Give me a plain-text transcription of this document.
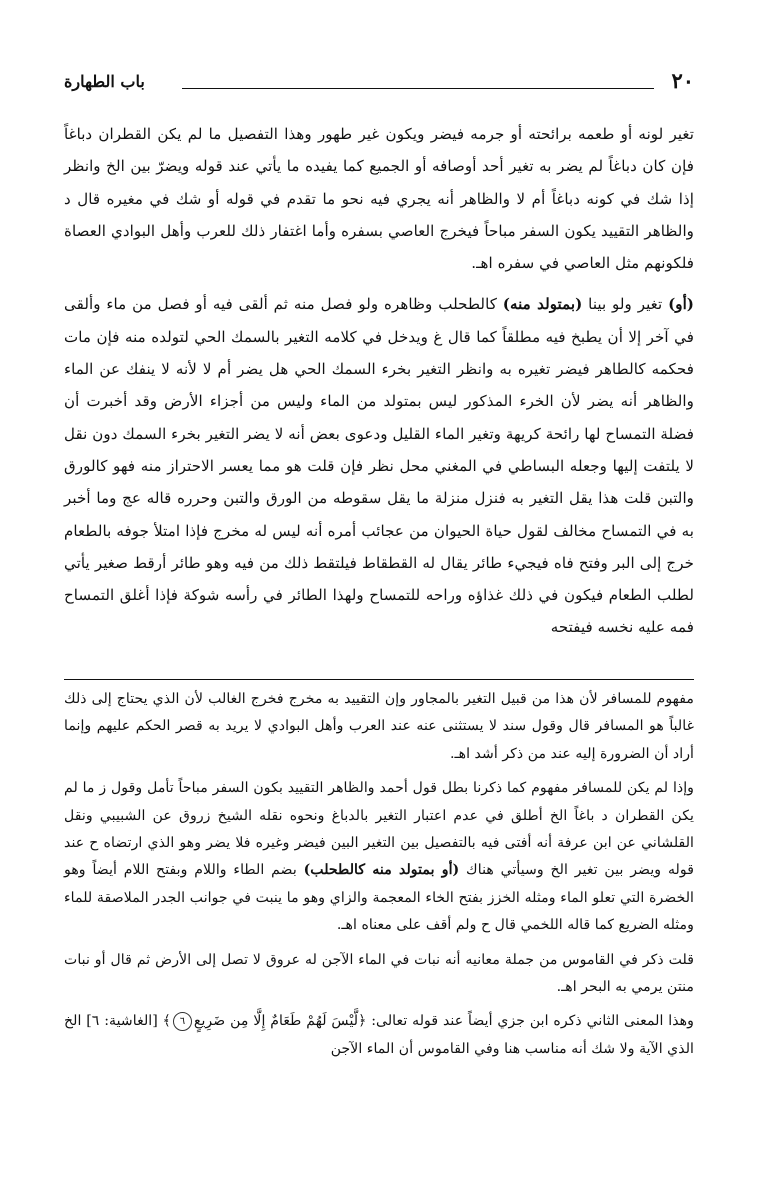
٢٠
باب الطهارة

تغير لونه أو طعمه برائحته أو جرمه فيضر ويكون غير طهور وهذا التفصيل ما لم يكن القطران دباغاً فإن كان دباغاً لم يضر به تغير أحد أوصافه أو الجميع كما يفيده ما يأتي عند قوله ويضرّ بين الخ وانظر إذا شك في كونه دباغاً أم لا والظاهر أنه يجري فيه نحو ما تقدم في قوله أو شك في مغيره قال د والظاهر التقييد يكون السفر مباحاً فيخرج العاصي بسفره وأما اغتفار ذلك للعرب وأهل البوادي العصاة فلكونهم مثل العاصي في سفره اهـ.

(أو) تغير ولو بينا (بمتولد منه) كالطحلب وظاهره ولو فصل منه ثم ألقى فيه أو فصل من ماء وألقى في آخر إلا أن يطبخ فيه مطلقاً كما قال غ ويدخل في كلامه التغير بالسمك الحي لتولده منه فإن مات فحكمه كالطاهر فيضر تغيره به وانظر التغير بخرء السمك الحي هل يضر أم لا لأنه لا ينفك عن الماء والظاهر أنه يضر لأن الخرء المذكور ليس بمتولد من الماء وليس من أجزاء الأرض وقد أخبرت أن فضلة التمساح لها رائحة كريهة وتغير الماء القليل ودعوى بعض أنه لا يضر التغير بخرء السمك دون نقل لا يلتفت إليها وجعله البساطي في المغني محل نظر فإن قلت هو مما يعسر الاحتراز منه فهو كالورق والتبن قلت هذا يقل التغير به فنزل منزلة ما يقل سقوطه من الورق والتبن وحرره قاله عج وما أخبر به في التمساح مخالف لقول حياة الحيوان من عجائب أمره أنه ليس له مخرج فإذا امتلأ جوفه بالطعام خرج إلى البر وفتح فاه فيجيء طائر يقال له القطقاط فيلتقط ذلك من فيه وهو طائر أرقط صغير يأتي لطلب الطعام فيكون في ذلك غذاؤه وراحه للتمساح ولهذا الطائر في رأسه شوكة فإذا أغلق التمساح فمه عليه نخسه فيفتحه

مفهوم للمسافر لأن هذا من قبيل التغير بالمجاور وإن التقييد به مخرج فخرج الغالب لأن الذي يحتاج إلى ذلك غالباً هو المسافر قال وقول سند لا يستثنى عنه عند العرب وأهل البوادي لا يريد به قصر الحكم عليهم وإنما أراد أن الضرورة إليه عند من ذكر أشد اهـ.

وإذا لم يكن للمسافر مفهوم كما ذكرنا بطل قول أحمد والظاهر التقييد بكون السفر مباحاً تأمل وقول ز ما لم يكن القطران د باغاً الخ أطلق في عدم اعتبار التغير بالدباغ ونحوه نقله الشيخ زروق عن الشبيبي ونقل القلشاني عن ابن عرفة أنه أفتى فيه بالتفصيل بين التغير البين فيضر وغيره فلا يضر وهو الذي ارتضاه ح عند قوله ويضر بين تغير الخ وسيأتي هناك (أو بمتولد منه كالطحلب) بضم الطاء واللام وبفتح اللام أيضاً وهو الخضرة التي تعلو الماء ومثله الخزز بفتح الخاء المعجمة والزاي وهو ما ينبت في جوانب الجدر الملاصقة للماء ومثله الضريع كما قاله اللخمي قال ح ولم أقف على معناه اهـ.

قلت ذكر في القاموس من جملة معانيه أنه نبات في الماء الآجن له عروق لا تصل إلى الأرض ثم قال أو نبات منتن يرمي به البحر اهـ.

وهذا المعنى الثاني ذكره ابن جزي أيضاً عند قوله تعالى: ﴿لَّيْسَ لَهُمْ طَعَامٌ إِلَّا مِن ضَرِيعٍ٦﴾ [الغاشية: ٦] الخ الذي الآية ولا شك أنه مناسب هنا وفي القاموس أن الماء الآجن
